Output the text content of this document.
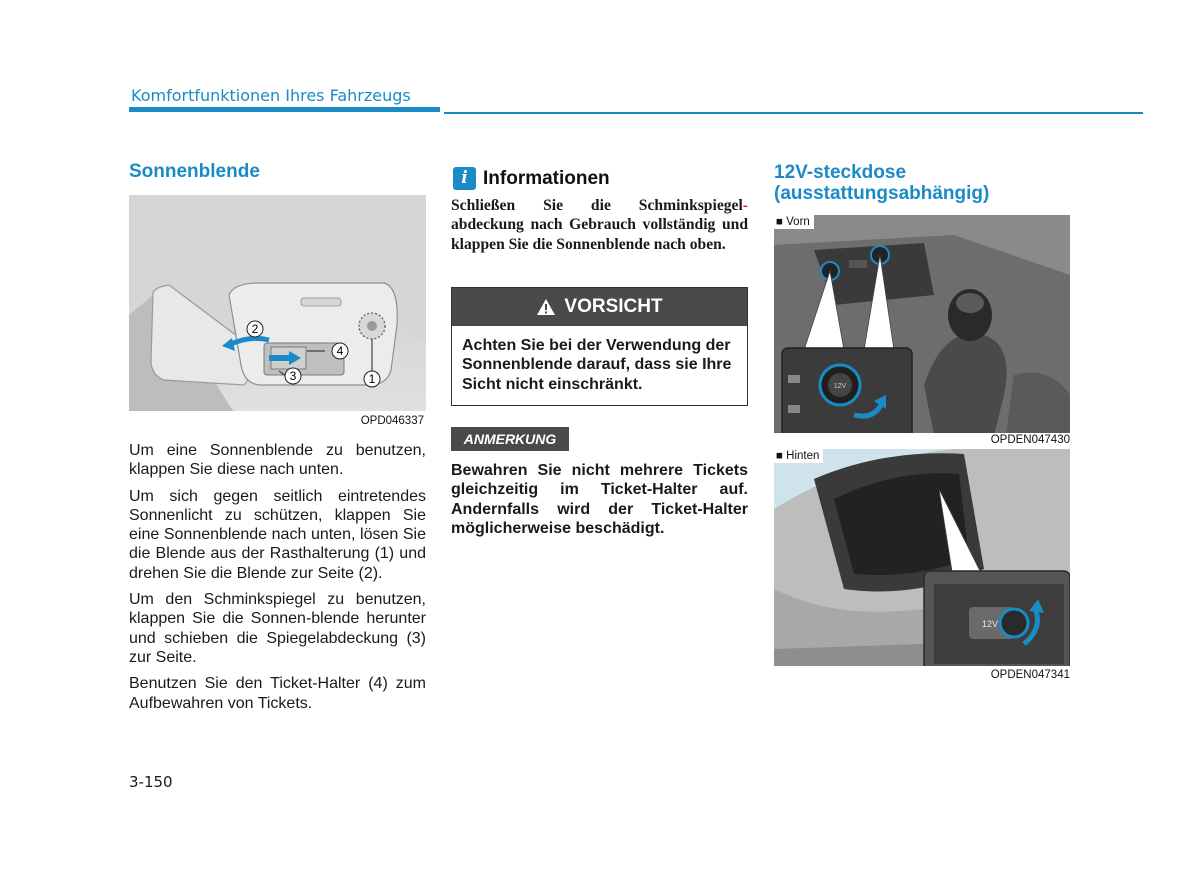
Komfortfunktionen Ihres Fahrzeugs
Sonnenblende
2
4
3	1
OPD046337

Um eine Sonnenblende zu benutzen, klappen Sie diese nach unten.

Um sich gegen seitlich eintretendes Sonnenlicht zu schützen, klappen Sie eine Sonnenblende nach unten, lösen Sie die Blende aus der Rasthalterung (1) und drehen Sie die Blende zur Seite (2).

Um den Schminkspiegel zu benutzen, klappen Sie die Sonnen-blende herunter und schieben die Spiegelabdeckung (3) zur Seite.

Benutzen Sie den Ticket-Halter (4) zum Aufbewahren von Tickets.

i Informationen
Schließen Sie die Schminkspiegel-abdeckung nach Gebrauch vollständig und klappen Sie die Sonnenblende nach oben.
VORSICHT
Achten Sie bei der Verwendung der Sonnenblende darauf, dass sie Ihre Sicht nicht einschränkt.
ANMERKUNG
Bewahren Sie nicht mehrere Tickets gleichzeitig im Ticket-Halter auf. Andernfalls wird der Ticket-Halter möglicherweise beschädigt.
12V-steckdose
(ausstattungsabhängig)
12V
■ Vorn
OPDEN047430
12V
■ Hinten
OPDEN047341
3-150
